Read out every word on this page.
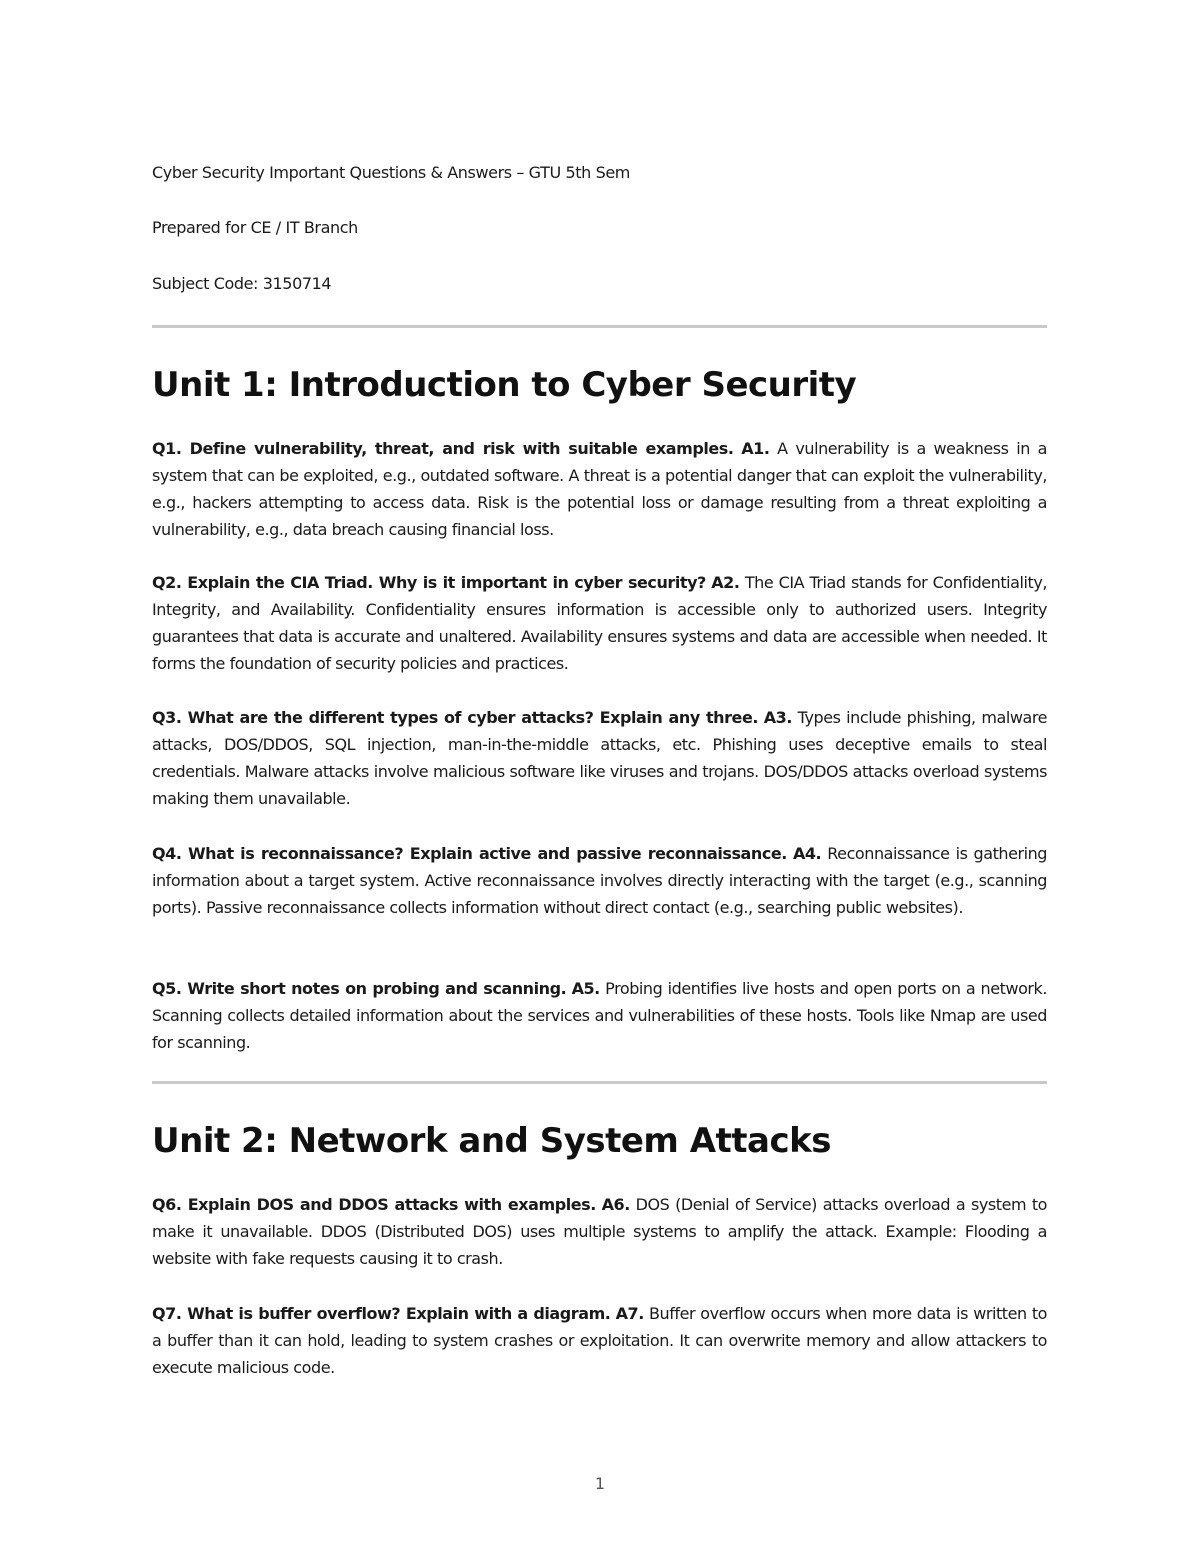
Cyber Security Important Questions & Answers – GTU 5th Sem
Prepared for CE / IT Branch
Subject Code: 3150714
Unit 1: Introduction to Cyber Security

Q1. Define vulnerability, threat, and risk with suitable examples. A1. A vulnerability is a weakness in a system that can be exploited, e.g., outdated software. A threat is a potential danger that can exploit the vulnerability, e.g., hackers attempting to access data. Risk is the potential loss or damage resulting from a threat exploiting a vulnerability, e.g., data breach causing financial loss.

Q2. Explain the CIA Triad. Why is it important in cyber security? A2. The CIA Triad stands for Confidentiality, Integrity, and Availability. Confidentiality ensures information is accessible only to authorized users. Integrity guarantees that data is accurate and unaltered. Availability ensures systems and data are accessible when needed. It forms the foundation of security policies and practices.

Q3. What are the different types of cyber attacks? Explain any three. A3. Types include phishing, malware attacks, DOS/DDOS, SQL injection, man-in-the-middle attacks, etc. Phishing uses deceptive emails to steal credentials. Malware attacks involve malicious software like viruses and trojans. DOS/DDOS attacks overload systems making them unavailable.

Q4. What is reconnaissance? Explain active and passive reconnaissance. A4. Reconnaissance is gathering information about a target system. Active reconnaissance involves directly interacting with the target (e.g., scanning ports). Passive reconnaissance collects information without direct contact (e.g., searching public websites).

Q5. Write short notes on probing and scanning. A5. Probing identifies live hosts and open ports on a network. Scanning collects detailed information about the services and vulnerabilities of these hosts. Tools like Nmap are used for scanning.

Unit 2: Network and System Attacks

Q6. Explain DOS and DDOS attacks with examples. A6. DOS (Denial of Service) attacks overload a system to make it unavailable. DDOS (Distributed DOS) uses multiple systems to amplify the attack. Example: Flooding a website with fake requests causing it to crash.

Q7. What is buffer overflow? Explain with a diagram. A7. Buffer overflow occurs when more data is written to a buffer than it can hold, leading to system crashes or exploitation. It can overwrite memory and allow attackers to execute malicious code.

1
